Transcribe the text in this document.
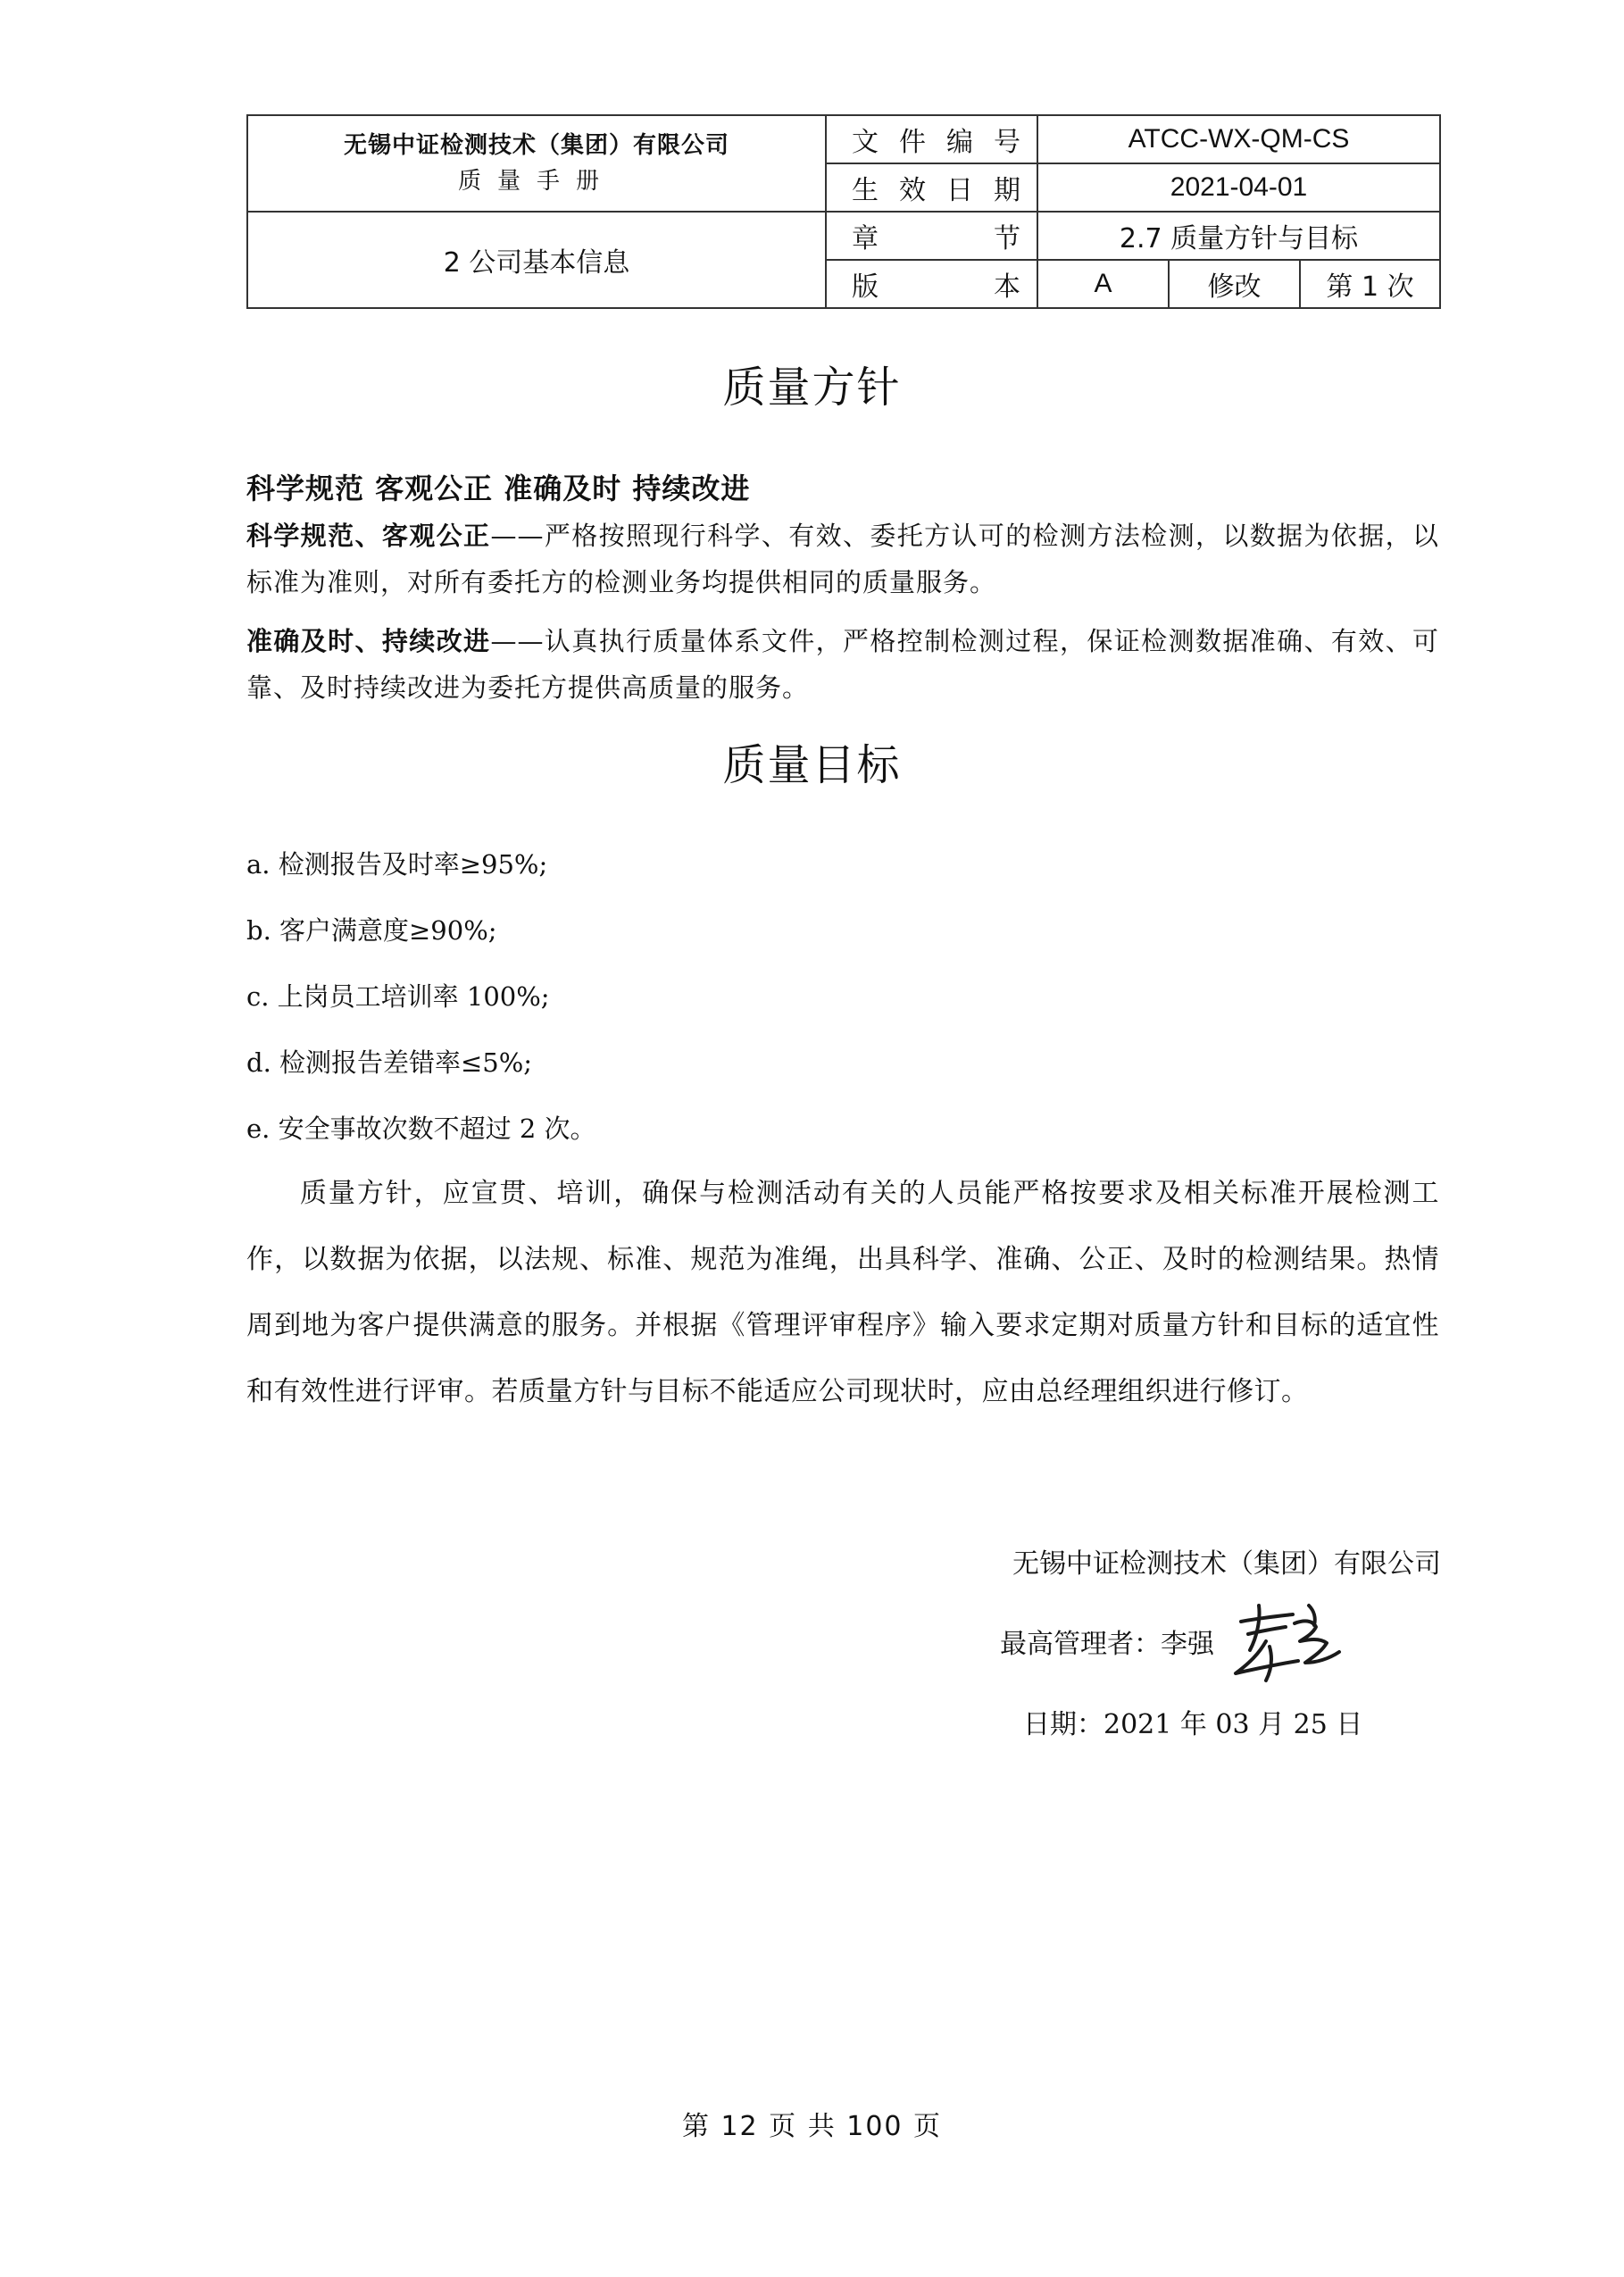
无锡中证检测技术（集团）有限公司
质量手册	文 件 编 号	ATCC-WX-QM-CS		

	生 效 日 期	2021-04-01		
2 公司基本信息	章 节	2.7 质量方针与目标		

	版 本	A	修改	第 1 次
质量方针
科学规范 客观公正 准确及时 持续改进
科学规范、客观公正——严格按照现行科学、有效、委托方认可的检测方法检测，以数据为依据，以标准为准则，对所有委托方的检测业务均提供相同的质量服务。
准确及时、持续改进——认真执行质量体系文件，严格控制检测过程，保证检测数据准确、有效、可靠、及时持续改进为委托方提供高质量的服务。
质量目标
a. 检测报告及时率≥95%;
b. 客户满意度≥90%;
c. 上岗员工培训率 100%;
d. 检测报告差错率≤5%;
e. 安全事故次数不超过 2 次。
质量方针，应宣贯、培训，确保与检测活动有关的人员能严格按要求及相关标准开展检测工作，以数据为依据，以法规、标准、规范为准绳，出具科学、准确、公正、及时的检测结果。热情周到地为客户提供满意的服务。并根据《管理评审程序》输入要求定期对质量方针和目标的适宜性和有效性进行评审。若质量方针与目标不能适应公司现状时，应由总经理组织进行修订。
无锡中证检测技术（集团）有限公司
最高管理者：李强
日期：2021 年 03 月 25 日
第 12 页 共 100 页
